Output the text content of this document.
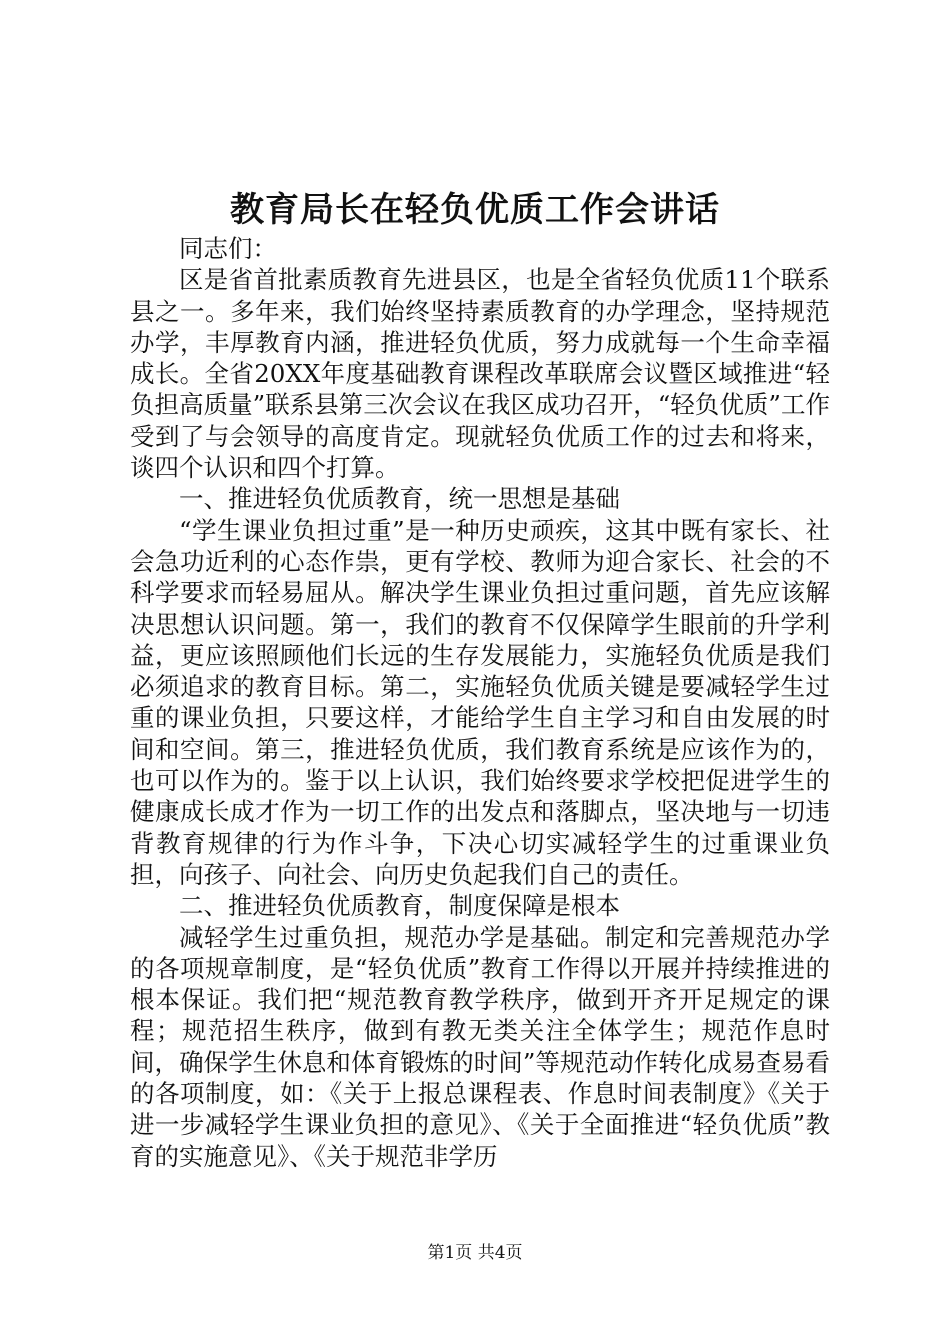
教育局长在轻负优质工作会讲话

同志们：

区是省首批素质教育先进县区，也是全省轻负优质11个联系县之一。多年来，我们始终坚持素质教育的办学理念，坚持规范办学，丰厚教育内涵，推进轻负优质，努力成就每一个生命幸福成长。全省20XX年度基础教育课程改革联席会议暨区域推进“轻负担高质量”联系县第三次会议在我区成功召开，“轻负优质”工作受到了与会领导的高度肯定。现就轻负优质工作的过去和将来，谈四个认识和四个打算。

一、推进轻负优质教育，统一思想是基础

“学生课业负担过重”是一种历史顽疾，这其中既有家长、社会急功近利的心态作祟，更有学校、教师为迎合家长、社会的不科学要求而轻易屈从。解决学生课业负担过重问题，首先应该解决思想认识问题。第一，我们的教育不仅保障学生眼前的升学利益，更应该照顾他们长远的生存发展能力，实施轻负优质是我们必须追求的教育目标。第二，实施轻负优质关键是要减轻学生过重的课业负担，只要这样，才能给学生自主学习和自由发展的时间和空间。第三，推进轻负优质，我们教育系统是应该作为的，也可以作为的。鉴于以上认识，我们始终要求学校把促进学生的健康成长成才作为一切工作的出发点和落脚点，坚决地与一切违背教育规律的行为作斗争，下决心切实减轻学生的过重课业负担，向孩子、向社会、向历史负起我们自己的责任。

二、推进轻负优质教育，制度保障是根本

减轻学生过重负担，规范办学是基础。制定和完善规范办学的各项规章制度，是“轻负优质”教育工作得以开展并持续推进的根本保证。我们把“规范教育教学秩序，做到开齐开足规定的课程；规范招生秩序，做到有教无类关注全体学生；规范作息时间，确保学生休息和体育锻炼的时间”等规范动作转化成易查易看的各项制度，如：《关于上报总课程表、作息时间表制度》《关于进一步减轻学生课业负担的意见》、《关于全面推进“轻负优质”教育的实施意见》、《关于规范非学历

第1页 共4页
